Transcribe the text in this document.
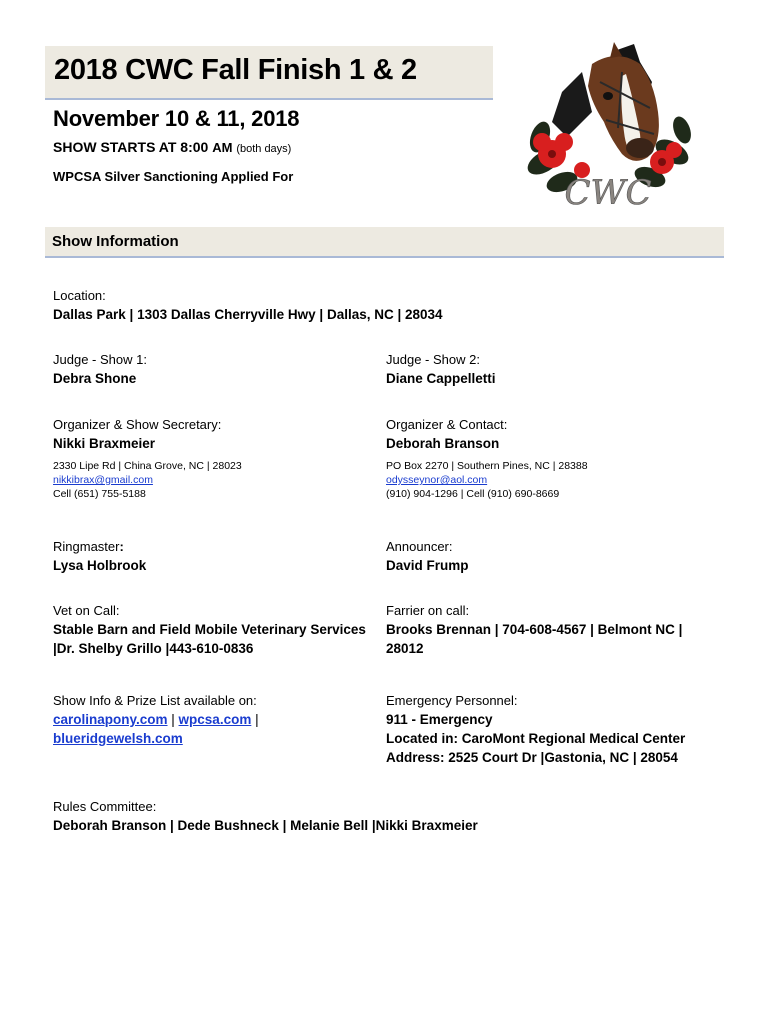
2018 CWC Fall Finish 1 & 2
November 10 & 11, 2018
SHOW STARTS AT 8:00 AM (both days)
WPCSA Silver Sanctioning Applied For	CWC
Show Information
Location:
Dallas Park | 1303 Dallas Cherryville Hwy | Dallas, NC | 28034
Judge - Show 1:
Debra Shone
Judge - Show 2:
Diane Cappelletti
Organizer & Show Secretary:
Nikki Braxmeier
2330 Lipe Rd | China Grove, NC | 28023
nikkibrax@gmail.com
Cell (651) 755-5188
Organizer & Contact:
Deborah Branson
PO Box 2270 | Southern Pines, NC | 28388
odysseynor@aol.com
(910) 904-1296 | Cell (910) 690-8669
Ringmaster:
Lysa Holbrook
Announcer:
David Frump
Vet on Call:
Stable Barn and Field Mobile Veterinary Services
|Dr. Shelby Grillo |443-610-0836
Farrier on call:
Brooks Brennan | 704-608-4567 | Belmont NC |
28012
Show Info & Prize List available on:
carolinapony.com | wpcsa.com |
blueridgewelsh.com
Emergency Personnel:
911 - Emergency
Located in: CaroMont Regional Medical Center
Address: 2525 Court Dr |Gastonia, NC | 28054
Rules Committee:
Deborah Branson | Dede Bushneck | Melanie Bell |Nikki Braxmeier
